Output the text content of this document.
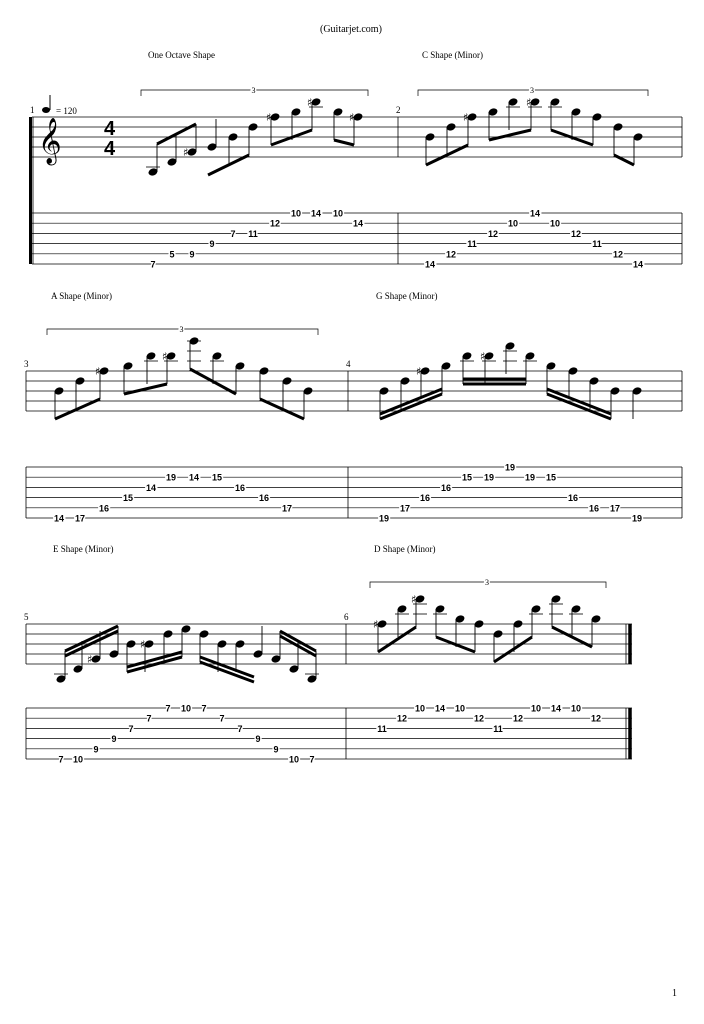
(Guitarjet.com)
1
= 120
𝄞 4
4
1
One Octave Shape
3
7
5
♯
9
9
7 11
♯
12
10
♯
14 10
♯
14
2
C Shape (Minor)
3
14
12
♯
11
12
10
♯
14
10
12
11
12
14
3
A Shape (Minor)
3
14 17
♯
16
15
14
♯
19 14 15
16
16
17
4
G Shape (Minor)
19
17
♯
16
16
15
♯
19
19
19 15
16
16 17
19
5
E Shape (Minor)
7 10
♯
9
9
7
♯
7
7 10 7
7
7
9
9
10 7
6
D Shape (Minor)
3
♯
11
12
♯
10 14 10
12
11
12
10 14 10
12
